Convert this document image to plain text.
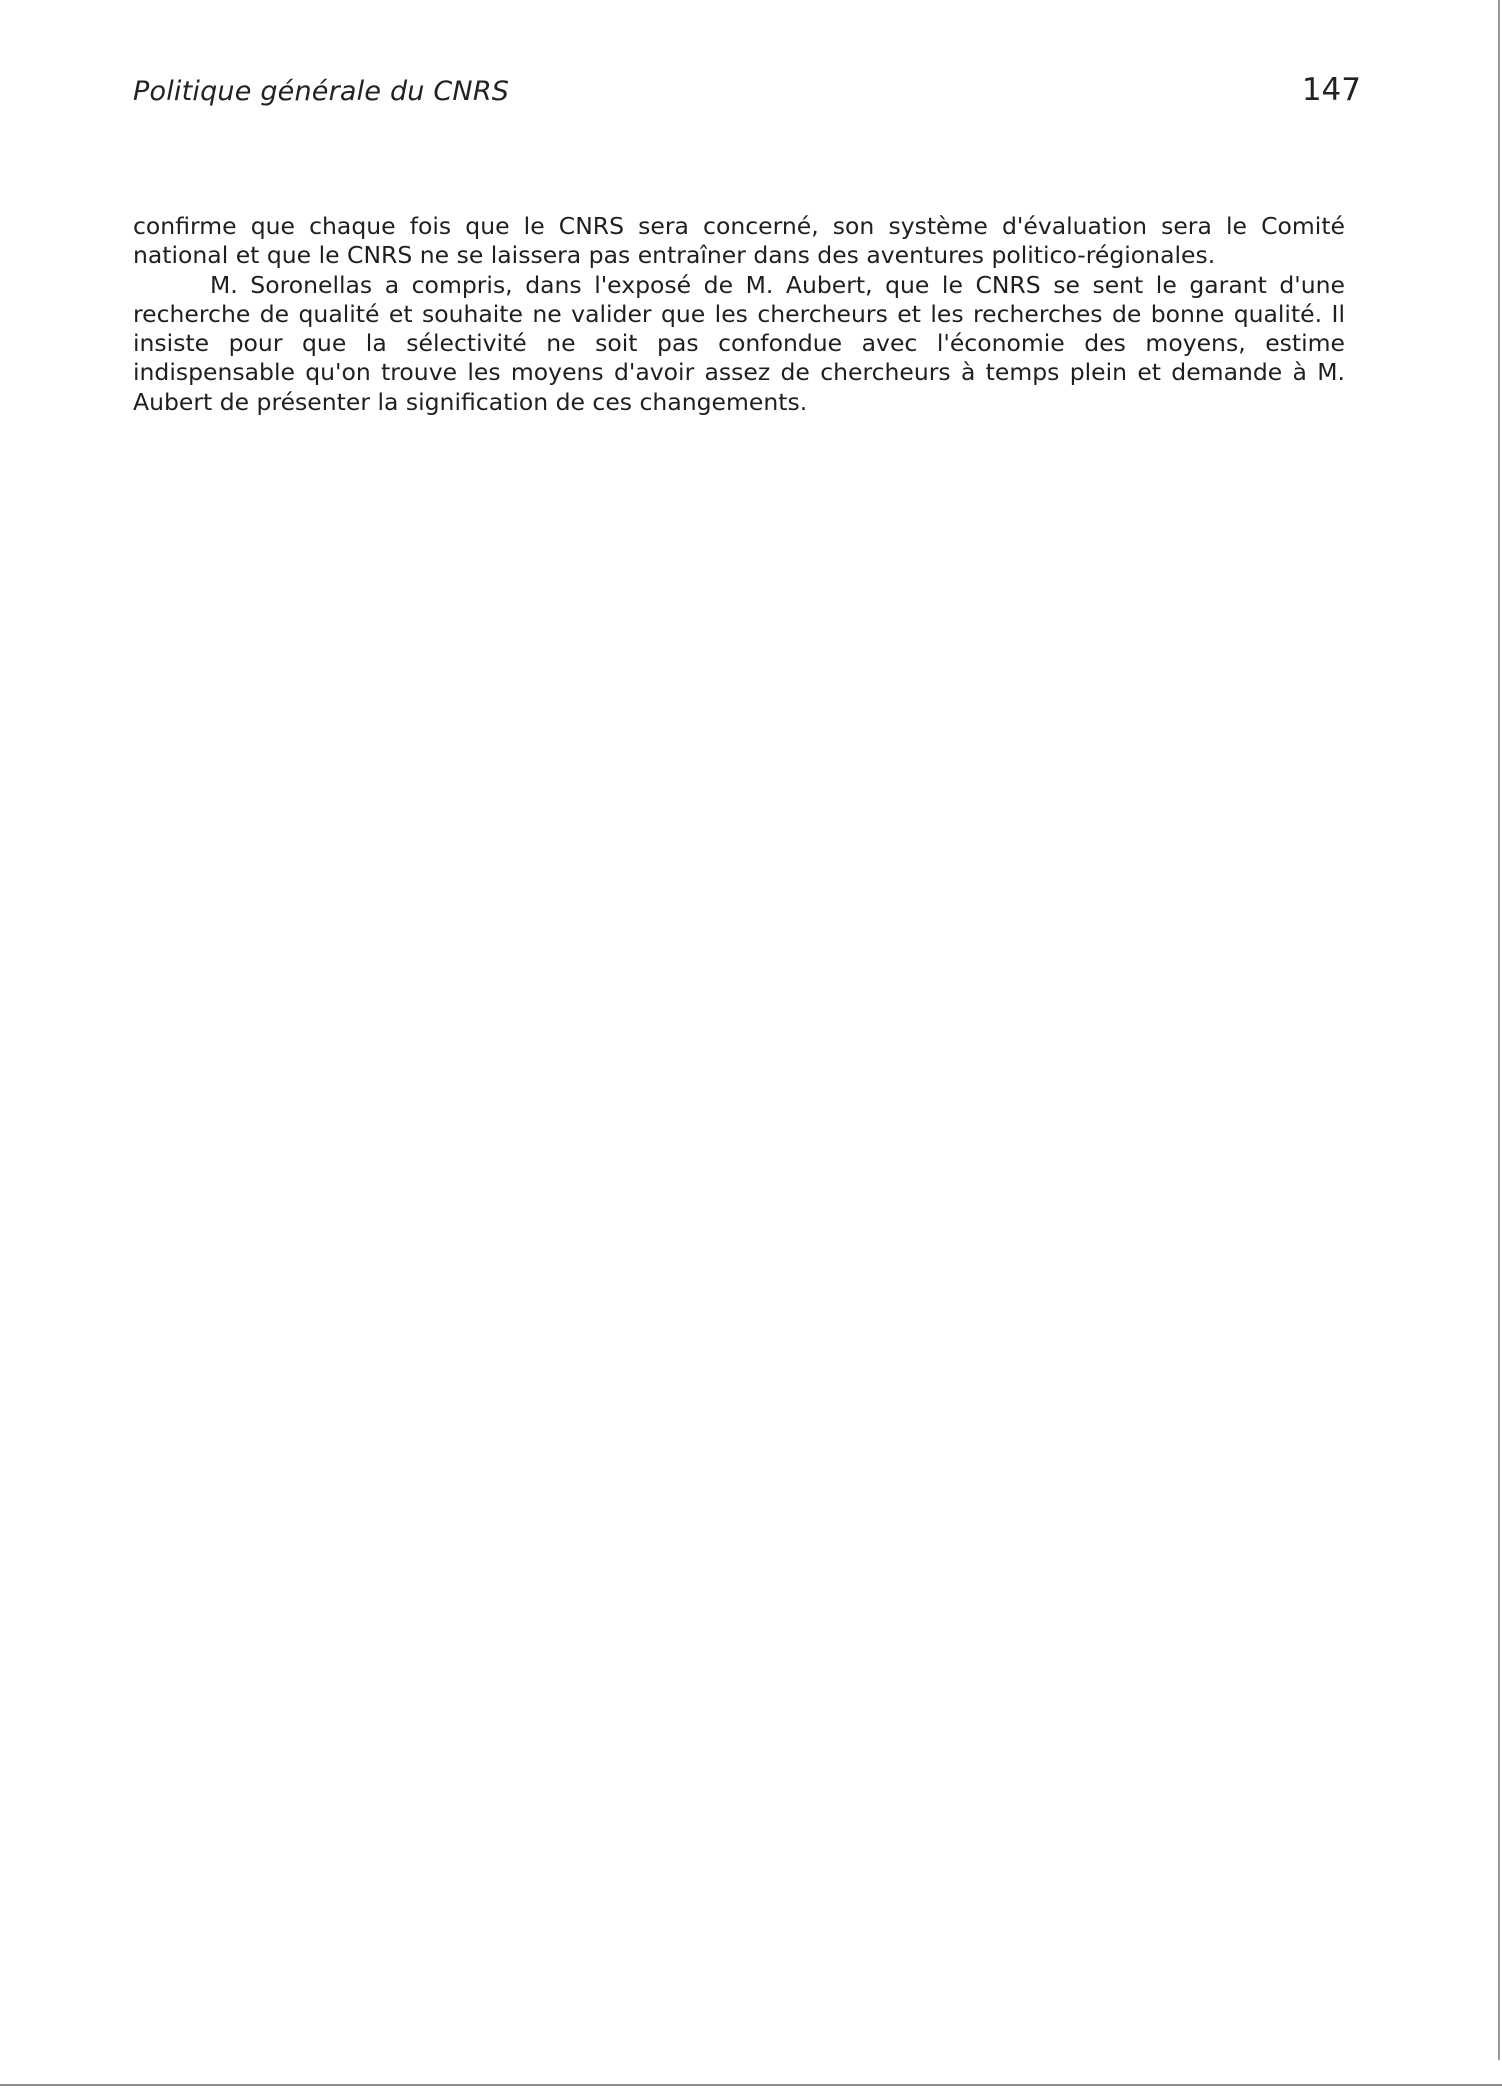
Politique générale du CNRS	147

confirme que chaque fois que le CNRS sera concerné, son système d'évaluation sera le Comité national et que le CNRS ne se laissera pas entraîner dans des aventures politico-régionales.

M. Soronellas a compris, dans l'exposé de M. Aubert, que le CNRS se sent le garant d'une recherche de qualité et souhaite ne valider que les chercheurs et les recherches de bonne qualité. Il insiste pour que la sélectivité ne soit pas confondue avec l'économie des moyens, estime indispensable qu'on trouve les moyens d'avoir assez de chercheurs à temps plein et demande à M. Aubert de présenter la signification de ces changements.
